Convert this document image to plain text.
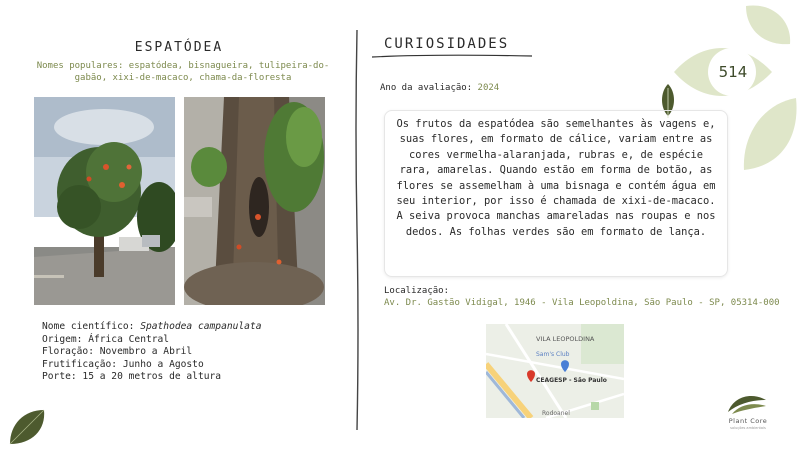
ESPATÓDEA
Nomes populares: espatódea, bisnagueira, tulipeira-do-gabão, xixi-de-macaco, chama-da-floresta
Nome científico: Spathodea campanulata
Origem: África Central
Floração: Novembro a Abril
Frutificação: Junho a Agosto
Porte: 15 a 20 metros de altura
CURIOSIDADES
Ano da avaliação: 2024
Os frutos da espatódea são semelhantes às vagens e, suas flores, em formato de cálice, variam entre as cores vermelha-alaranjada, rubras e, de espécie rara, amarelas. Quando estão em forma de botão, as flores se assemelham à uma bisnaga e contém água em seu interior, por isso é chamada de xixi-de-macaco. A seiva provoca manchas amareladas nas roupas e nos dedos. As folhas verdes são em formato de lança.
Localização:
Av. Dr. Gastão Vidigal, 1946 - Vila Leopoldina, São Paulo - SP, 05314-000
VILA LEOPOLDINA
Sam's Club
CEAGESP - São Paulo
Rodoanel
514
Plant Core
soluções ambientais
